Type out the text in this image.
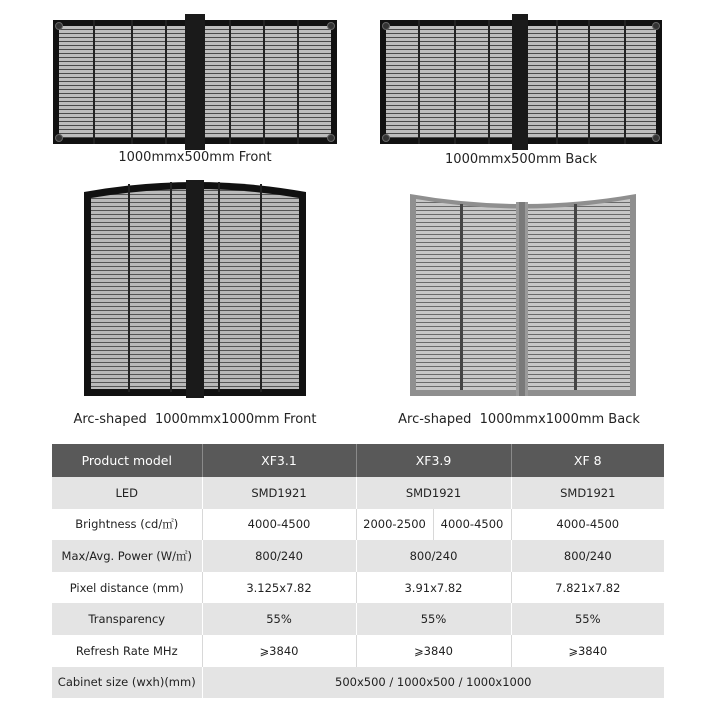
1000mmx500mm Front	1000mmx500mm Back
Arc-shaped  1000mmx1000mm Front	Arc-shaped  1000mmx1000mm Back
Product model	XF3.1	XF3.9		XF 8
LED	SMD1921	SMD1921		SMD1921
Brightness (cd/㎡)	4000-4500	2000-2500	4000-4500	4000-4500
Max/Avg. Power (W/㎡)	800/240	800/240		800/240
Pixel distance (mm)	3.125x7.82	3.91x7.82		7.821x7.82
Transparency	55%	55%		55%
Refresh Rate MHz	⩾3840	⩾3840		⩾3840
Cabinet size (wxh)(mm)	500x500 / 1000x500 / 1000x1000			
